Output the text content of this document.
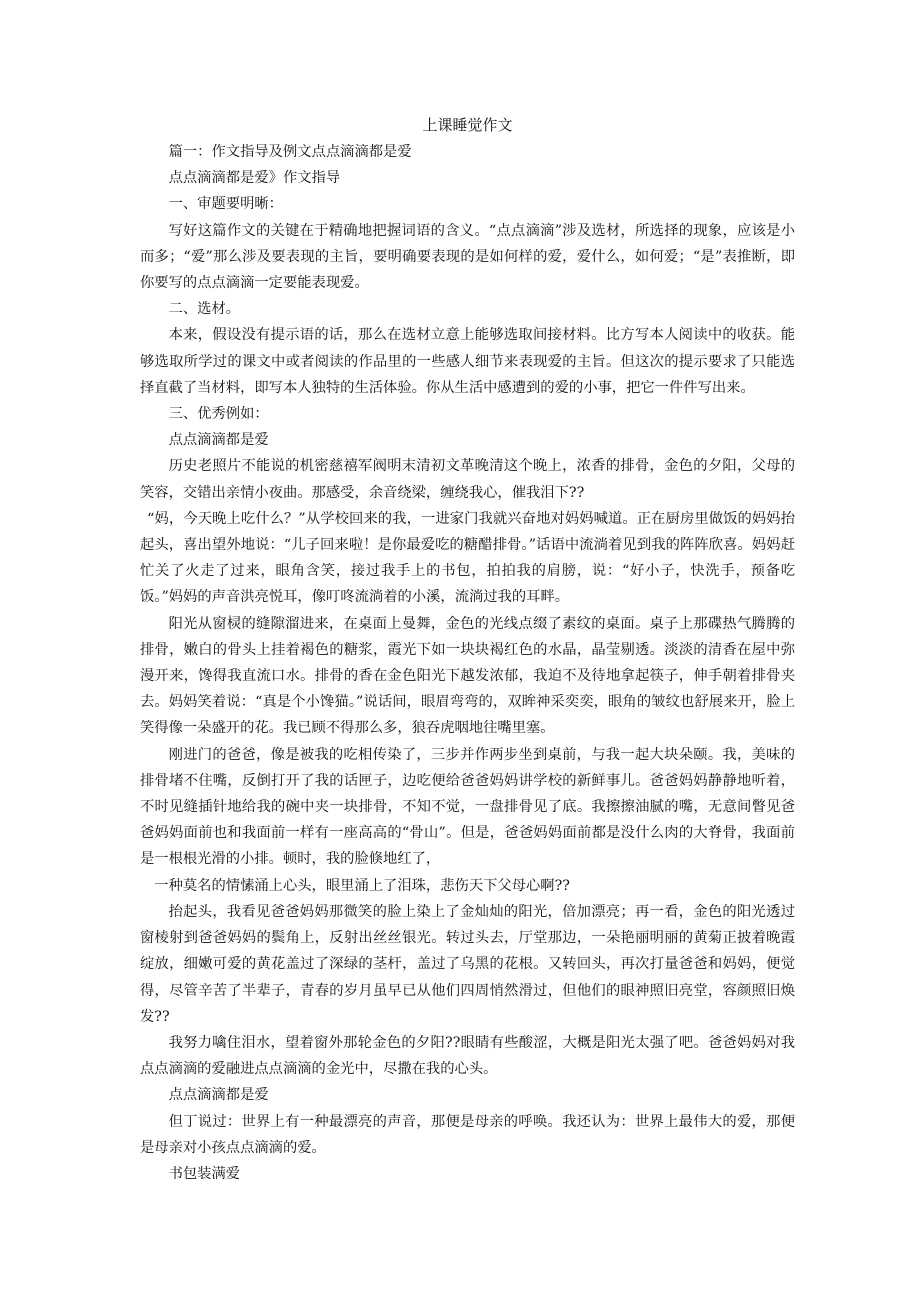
上课睡觉作文

篇一：作文指导及例文点点滴滴都是爱

点点滴滴都是爱》作文指导

一、审题要明晰：

写好这篇作文的关键在于精确地把握词语的含义。“点点滴滴”涉及选材，所选择的现象，应该是小而多；“爱”那么涉及要表现的主旨，要明确要表现的是如何样的爱，爱什么，如何爱；“是”表推断，即你要写的点点滴滴一定要能表现爱。

二、选材。

本来，假设没有提示语的话，那么在选材立意上能够选取间接材料。比方写本人阅读中的收获。能够选取所学过的课文中或者阅读的作品里的一些感人细节来表现爱的主旨。但这次的提示要求了只能选择直截了当材料，即写本人独特的生活体验。你从生活中感遭到的爱的小事，把它一件件写出来。

三、优秀例如：

点点滴滴都是爱

历史老照片不能说的机密慈禧军阀明末清初文革晚清这个晚上，浓香的排骨，金色的夕阳，父母的笑容，交错出亲情小夜曲。那感受，余音绕梁，缠绕我心，催我泪下??

“妈，今天晚上吃什么？”从学校回来的我，一进家门我就兴奋地对妈妈喊道。正在厨房里做饭的妈妈抬起头，喜出望外地说：“儿子回来啦！是你最爱吃的糖醋排骨。”话语中流淌着见到我的阵阵欣喜。妈妈赶忙关了火走了过来，眼角含笑，接过我手上的书包，拍拍我的肩膀，说：“好小子，快洗手，预备吃饭。”妈妈的声音洪亮悦耳，像叮咚流淌着的小溪，流淌过我的耳畔。

阳光从窗棂的缝隙溜进来，在桌面上曼舞，金色的光线点缀了素纹的桌面。桌子上那碟热气腾腾的排骨，嫩白的骨头上挂着褐色的糖浆，霞光下如一块块褐红色的水晶，晶莹剔透。淡淡的清香在屋中弥漫开来，馋得我直流口水。排骨的香在金色阳光下越发浓郁，我迫不及待地拿起筷子，伸手朝着排骨夹去。妈妈笑着说：“真是个小馋猫。”说话间，眼眉弯弯的，双眸神采奕奕，眼角的皱纹也舒展来开，脸上笑得像一朵盛开的花。我已顾不得那么多，狼吞虎咽地往嘴里塞。

刚进门的爸爸，像是被我的吃相传染了，三步并作两步坐到桌前，与我一起大块朵颐。我，美味的排骨堵不住嘴，反倒打开了我的话匣子，边吃便给爸爸妈妈讲学校的新鲜事儿。爸爸妈妈静静地听着，不时见缝插针地给我的碗中夹一块排骨，不知不觉，一盘排骨见了底。我擦擦油腻的嘴，无意间瞥见爸爸妈妈面前也和我面前一样有一座高高的“骨山”。但是，爸爸妈妈面前都是没什么肉的大脊骨，我面前是一根根光滑的小排。顿时，我的脸倏地红了，

一种莫名的情愫涌上心头，眼里涌上了泪珠，悲伤天下父母心啊??

抬起头，我看见爸爸妈妈那微笑的脸上染上了金灿灿的阳光，倍加漂亮；再一看，金色的阳光透过窗棱射到爸爸妈妈的鬓角上，反射出丝丝银光。转过头去，厅堂那边，一朵艳丽明丽的黄菊正披着晚霞绽放，细嫩可爱的黄花盖过了深绿的茎杆，盖过了乌黑的花根。又转回头，再次打量爸爸和妈妈，便觉得，尽管辛苦了半辈子，青春的岁月虽早已从他们四周悄然滑过，但他们的眼神照旧亮堂，容颜照旧焕发??

我努力噙住泪水，望着窗外那轮金色的夕阳??眼睛有些酸涩，大概是阳光太强了吧。爸爸妈妈对我点点滴滴的爱融进点点滴滴的金光中，尽撒在我的心头。

点点滴滴都是爱

但丁说过：世界上有一种最漂亮的声音，那便是母亲的呼唤。我还认为：世界上最伟大的爱，那便是母亲对小孩点点滴滴的爱。

书包装满爱
